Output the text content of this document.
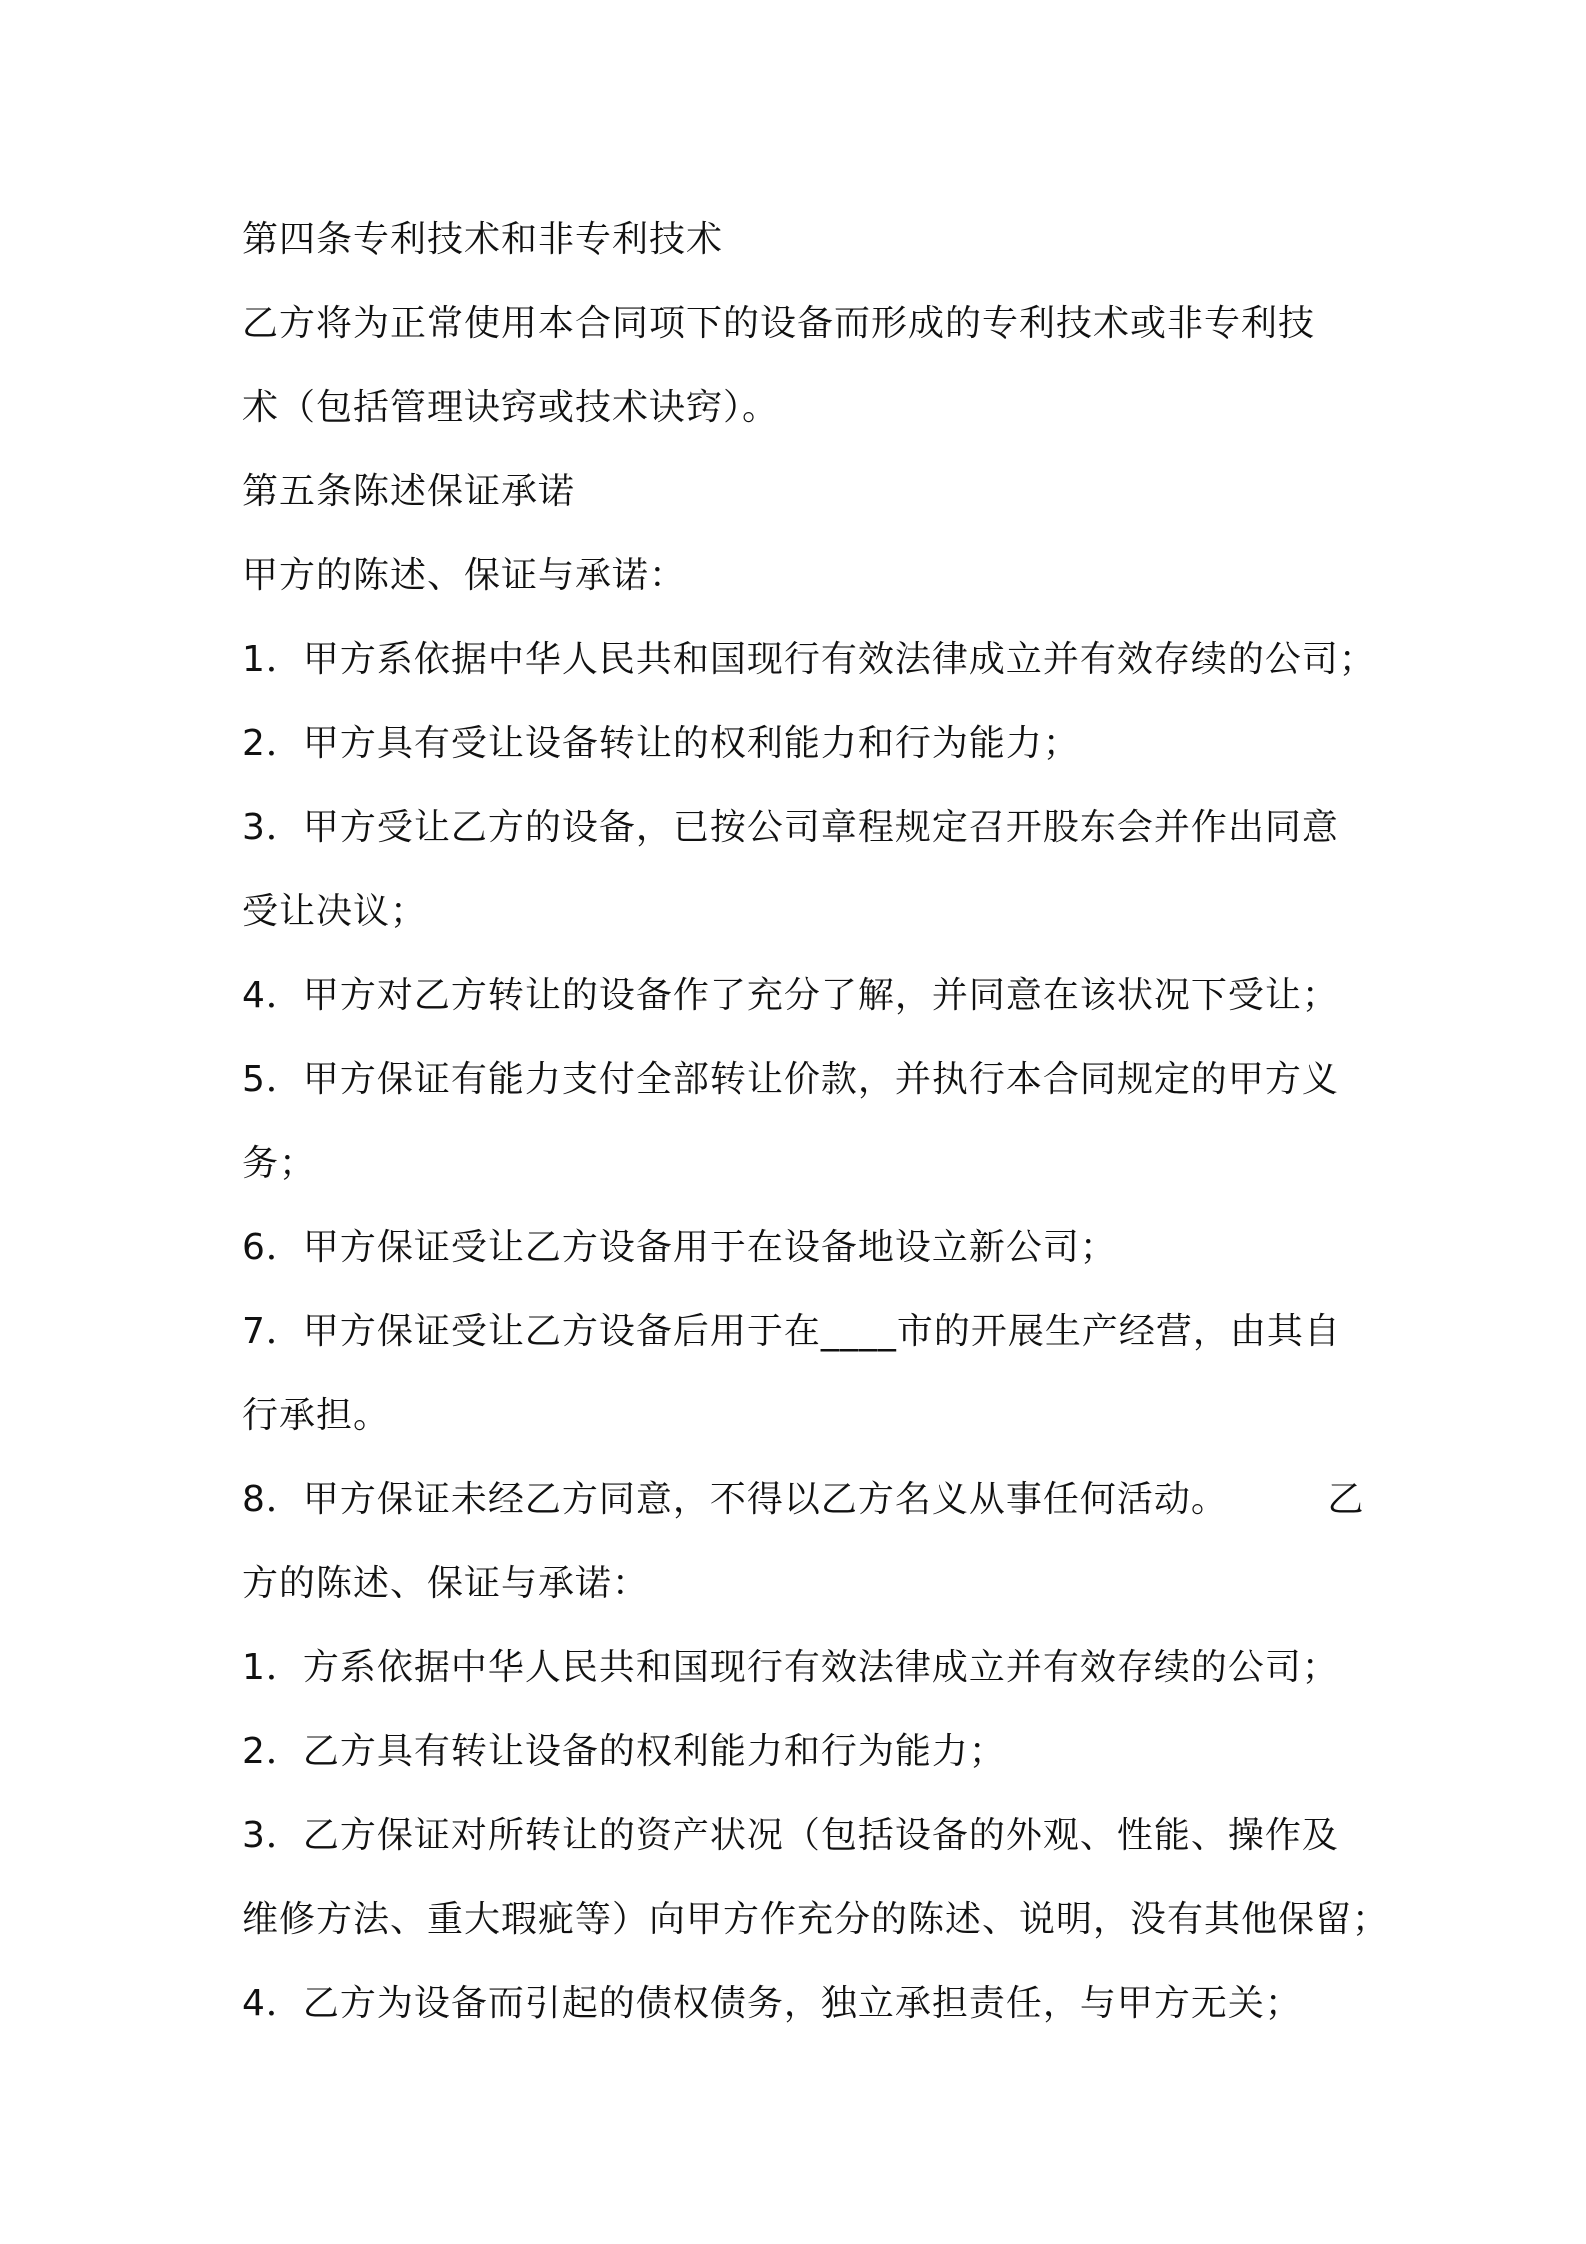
第四条专利技术和非专利技术
乙方将为正常使用本合同项下的设备而形成的专利技术或非专利技
术（包括管理诀窍或技术诀窍）。
第五条陈述保证承诺
甲方的陈述、保证与承诺：
1．甲方系依据中华人民共和国现行有效法律成立并有效存续的公司；
2．甲方具有受让设备转让的权利能力和行为能力；
3．甲方受让乙方的设备，已按公司章程规定召开股东会并作出同意
受让决议；
4．甲方对乙方转让的设备作了充分了解，并同意在该状况下受让；
5．甲方保证有能力支付全部转让价款，并执行本合同规定的甲方义
务；
6．甲方保证受让乙方设备用于在设备地设立新公司；
7．甲方保证受让乙方设备后用于在____市的开展生产经营，由其自
行承担。
8．甲方保证未经乙方同意，不得以乙方名义从事任何活动。        乙
方的陈述、保证与承诺：
1．方系依据中华人民共和国现行有效法律成立并有效存续的公司；
2．乙方具有转让设备的权利能力和行为能力；
3．乙方保证对所转让的资产状况（包括设备的外观、性能、操作及
维修方法、重大瑕疵等）向甲方作充分的陈述、说明，没有其他保留；
4．乙方为设备而引起的债权债务，独立承担责任，与甲方无关；
